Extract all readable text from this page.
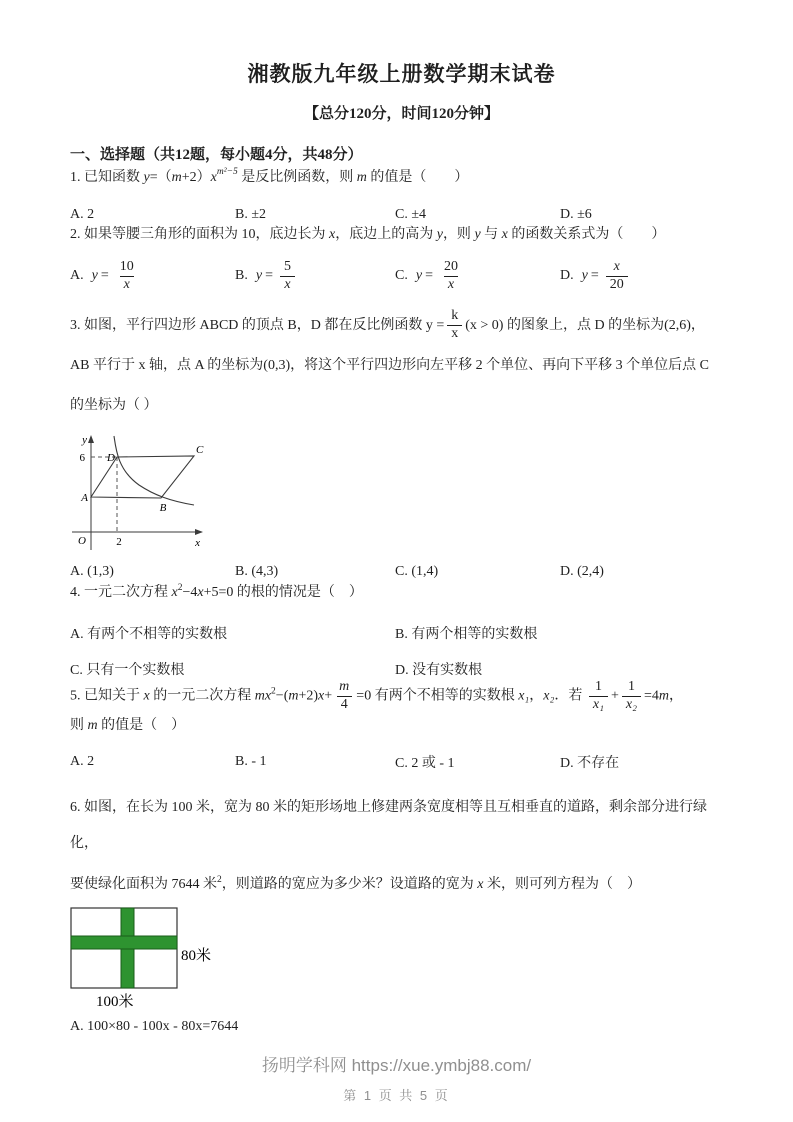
湘教版九年级上册数学期末试卷
【总分120分，时间120分钟】
一、选择题（共12题，每小题4分，共48分）

1. 已知函数 $y=(m+2)x^{m^2-5}$ 是反比例函数，则 m 的值是（　　）

A. 2	B. ±2	C. ±4	D. ±6

2. 如果等腰三角形的面积为 10，底边长为 x，底边上的高为 y，则 y 与 x 的函数关系式为（　　）

A. $y = \frac{10}{x}$	B. $y = \frac{5}{x}$	C. $y = \frac{20}{x}$	D. $y = \frac{x}{20}$

3. 如图，平行四边形 ABCD 的顶点 B，D 都在反比例函数 $y = \frac{k}{x} (x > 0)$ 的图象上，点 D 的坐标为(2,6)，

AB 平行于 x 轴，点 A 的坐标为(0,3)，将这个平行四边形向左平移 2 个单位、再向下平移 3 个单位后点 C

的坐标为（ ）

y
x
O
6
2
A
B
C
D
A. (1,3)	B. (4,3)	C. (1,4)	D. (2,4)

4. 一元二次方程 $x^2-4x+5=0$ 的根的情况是（　）

A. 有两个不相等的实数根	B. 有两个相等的实数根
C. 只有一个实数根	D. 没有实数根

5. 已知关于 x 的一元二次方程 $mx^2-(m+2)x+ \frac{m}{4} =0$ 有两个不相等的实数根 x₁，x₂．若 $\frac{1}{\text{x₁}} + \frac{1}{\text{x₂}} =4m$，

则 m 的值是（　）

A. 2	B. - 1	C. 2 或 - 1	D. 不存在

6. 如图，在长为 100 米，宽为 80 米的矩形场地上修建两条宽度相等且互相垂直的道路，剩余部分进行绿化，

要使绿化面积为 7644 米$^2$，则道路的宽应为多少米？设道路的宽为 x 米，则可列方程为（　）

80米
100米

A. 100×80 - 100x - 80x=7644

扬明学科网 https://xue.ymbj88.com/
第 1 页 共 5 页
